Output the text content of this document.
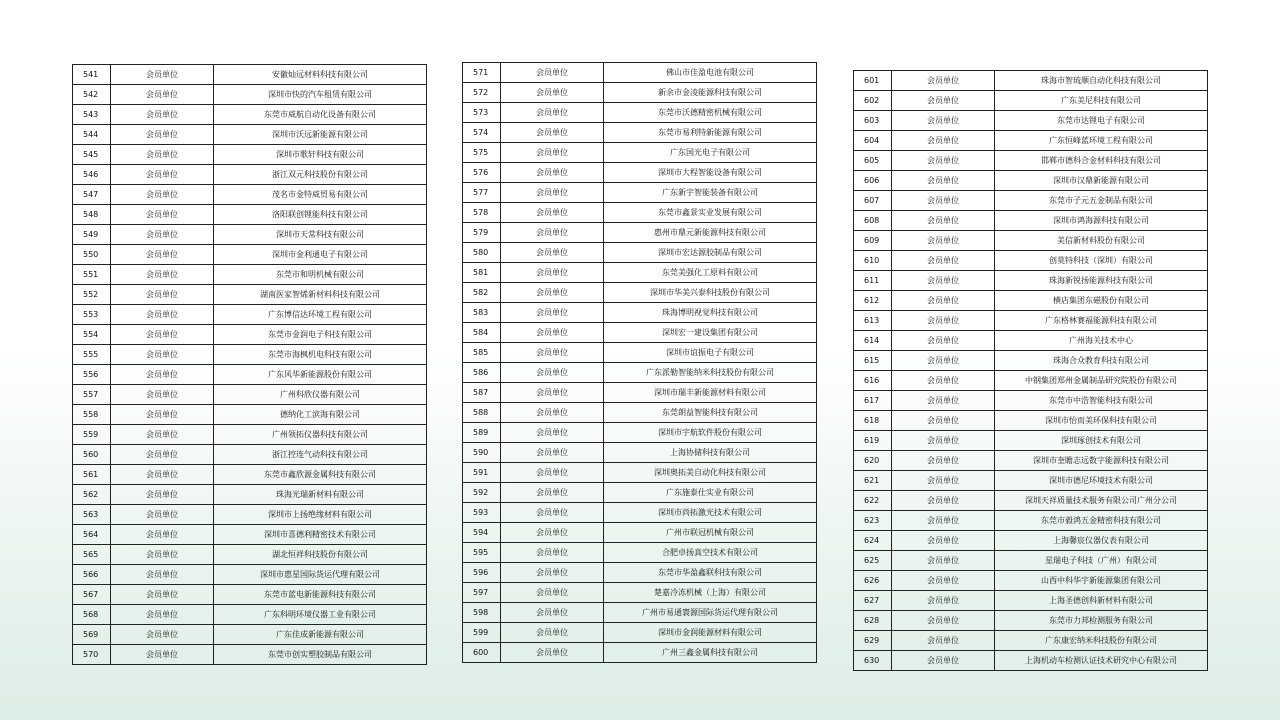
541	会员单位	安徽灿远材料科技有限公司
542	会员单位	深圳市快的汽车租赁有限公司
543	会员单位	东莞市威航自动化设备有限公司
544	会员单位	深圳市沃远新能源有限公司
545	会员单位	深圳市歌轩科技有限公司
546	会员单位	浙江双元科技股份有限公司
547	会员单位	茂名市金特威贸易有限公司
548	会员单位	洛阳联创锂能科技有限公司
549	会员单位	深圳市天常科技有限公司
550	会员单位	深圳市金利通电子有限公司
551	会员单位	东莞市和明机械有限公司
552	会员单位	湖南医家智烯新材料科技有限公司
553	会员单位	广东博信达环境工程有限公司
554	会员单位	东莞市金润电子科技有限公司
555	会员单位	东莞市海枫机电科技有限公司
556	会员单位	广东风华新能源股份有限公司
557	会员单位	广州科欣仪器有限公司
558	会员单位	德纳化工滨海有限公司
559	会员单位	广州领拓仪器科技有限公司
560	会员单位	浙江控连气动科技有限公司
561	会员单位	东莞市鑫欣源金属科技有限公司
562	会员单位	珠海光瑞新材料有限公司
563	会员单位	深圳市上扬绝缘材料有限公司
564	会员单位	深圳市喜德利精密技术有限公司
565	会员单位	湖北恒祥科技股份有限公司
566	会员单位	深圳市惠星国际货运代理有限公司
567	会员单位	东莞市蓝电新能源科技有限公司
568	会员单位	广东科明环境仪器工业有限公司
569	会员单位	广东佳成新能源有限公司
570	会员单位	东莞市创实塑胶制品有限公司
571	会员单位	佛山市佳盈电池有限公司
572	会员单位	新余市金凌能源科技有限公司
573	会员单位	东莞市沃德精密机械有限公司
574	会员单位	东莞市易利特新能源有限公司
575	会员单位	广东国光电子有限公司
576	会员单位	深圳市大程智能设备有限公司
577	会员单位	广东新宇智能装备有限公司
578	会员单位	东莞市鑫景实业发展有限公司
579	会员单位	惠州市鼎元新能源科技有限公司
580	会员单位	深圳市宏达源胶制品有限公司
581	会员单位	东莞美强化工原料有限公司
582	会员单位	深圳市华美兴泰科技股份有限公司
583	会员单位	珠海博明视觉科技有限公司
584	会员单位	深圳宏一建设集团有限公司
585	会员单位	深圳市谊振电子有限公司
586	会员单位	广东派勒智能纳米科技股份有限公司
587	会员单位	深圳市瑞丰新能源材料有限公司
588	会员单位	东莞朗益智能科技有限公司
589	会员单位	深圳市宇航软件股份有限公司
590	会员单位	上海协储科技有限公司
591	会员单位	深圳奥拓美自动化科技有限公司
592	会员单位	广东施泰仕实业有限公司
593	会员单位	深圳市尚拓激光技术有限公司
594	会员单位	广州市联冠机械有限公司
595	会员单位	合肥卓扬真空技术有限公司
596	会员单位	东莞市华盈鑫联科技有限公司
597	会员单位	楚嘉冷冻机械（上海）有限公司
598	会员单位	广州市易通寰源国际货运代理有限公司
599	会员单位	深圳市金润能源材料有限公司
600	会员单位	广州三鑫金属科技有限公司
601	会员单位	珠海市智琉顺自动化科技有限公司
602	会员单位	广东美尼科技有限公司
603	会员单位	东莞市达锂电子有限公司
604	会员单位	广东恒峰蓝环境工程有限公司
605	会员单位	邯郸市德科合金材料科技有限公司
606	会员单位	深圳市汉鼎新能源有限公司
607	会员单位	东莞市子元五金制品有限公司
608	会员单位	深圳市鸿海源科技有限公司
609	会员单位	美信新材料股份有限公司
610	会员单位	创莫特科技（深圳）有限公司
611	会员单位	珠海新锐扬能源科技有限公司
612	会员单位	横店集团东磁股份有限公司
613	会员单位	广东格林赛福能源科技有限公司
614	会员单位	广州海关技术中心
615	会员单位	珠海合众教育科技有限公司
616	会员单位	中钢集团郑州金属制品研究院股份有限公司
617	会员单位	东莞市中浩智能科技有限公司
618	会员单位	深圳市怡而美环保科技有限公司
619	会员单位	深圳琢创技术有限公司
620	会员单位	深圳市奎瞻志远数字能源科技有限公司
621	会员单位	深圳市德尼环境技术有限公司
622	会员单位	深圳天祥质量技术服务有限公司广州分公司
623	会员单位	东莞市毅鸿五金精密科技有限公司
624	会员单位	上海馨宸仪器仪表有限公司
625	会员单位	星瑞电子科技（广州）有限公司
626	会员单位	山西中科华宇新能源集团有限公司
627	会员单位	上海圣德创科新材料有限公司
628	会员单位	东莞市力邦检测服务有限公司
629	会员单位	广东康宏纳米科技股份有限公司
630	会员单位	上海机动车检测认证技术研究中心有限公司
